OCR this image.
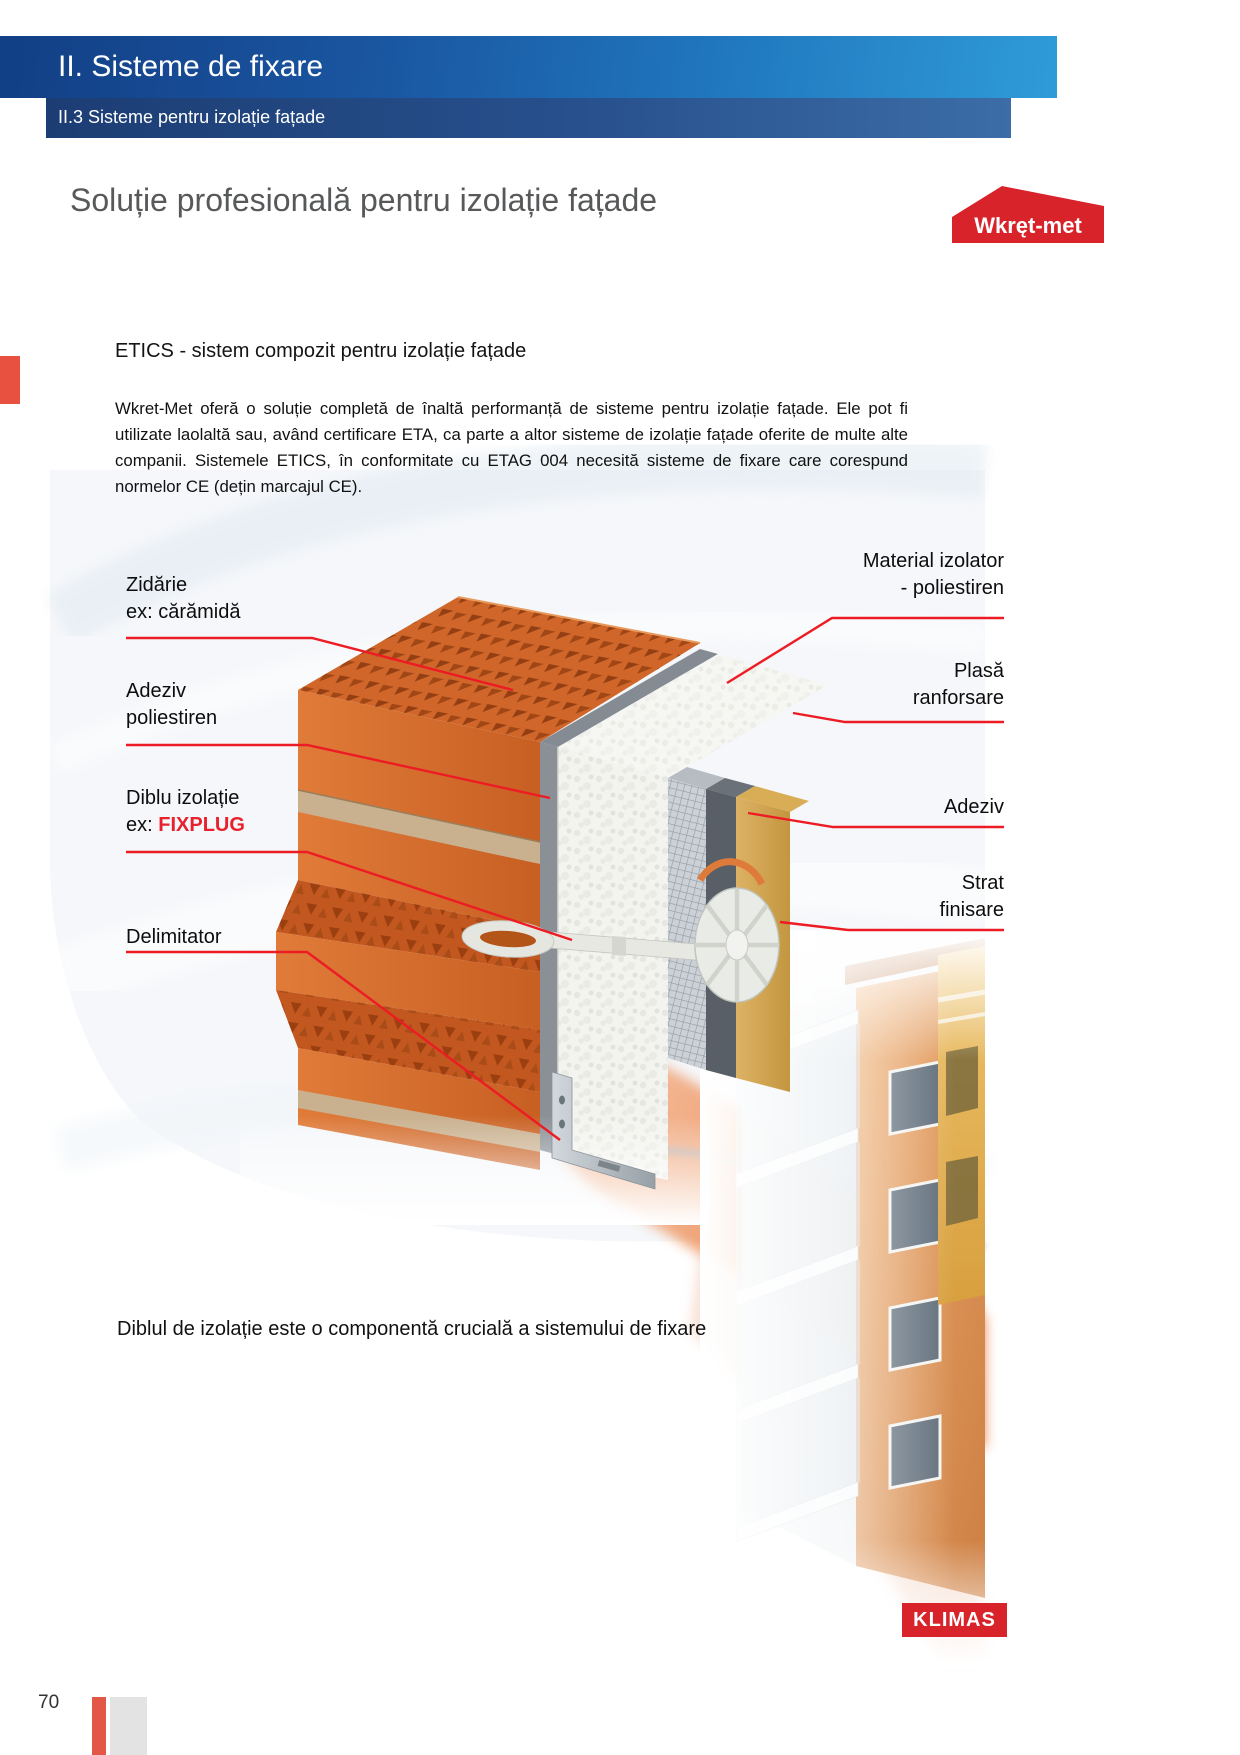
II. Sisteme de fixare
II.3 Sisteme pentru izolație fațade
Soluție profesională pentru izolație fațade
Wkręt-met
ETICS - sistem compozit pentru izolație fațade
Wkret-Met oferă o soluție completă de înaltă performanță de sisteme pentru izolație fațade. Ele pot fi utilizate laolaltă sau, având certificare ETA, ca parte a altor sisteme de izolație fațade oferite de multe alte companii. Sistemele ETICS, în conformitate cu ETAG 004 necesită sisteme de fixare care corespund normelor CE (dețin marcajul CE).
Zidărie
ex: cărămidă
Adeziv
poliestiren
Diblu izolație
ex: FIXPLUG
Delimitator
Material izolator
- poliestiren
Plasă
ranforsare
Adeziv
Strat
finisare
Diblul de izolație este o componentă crucială a sistemului de fixare
KLIMAS
70
